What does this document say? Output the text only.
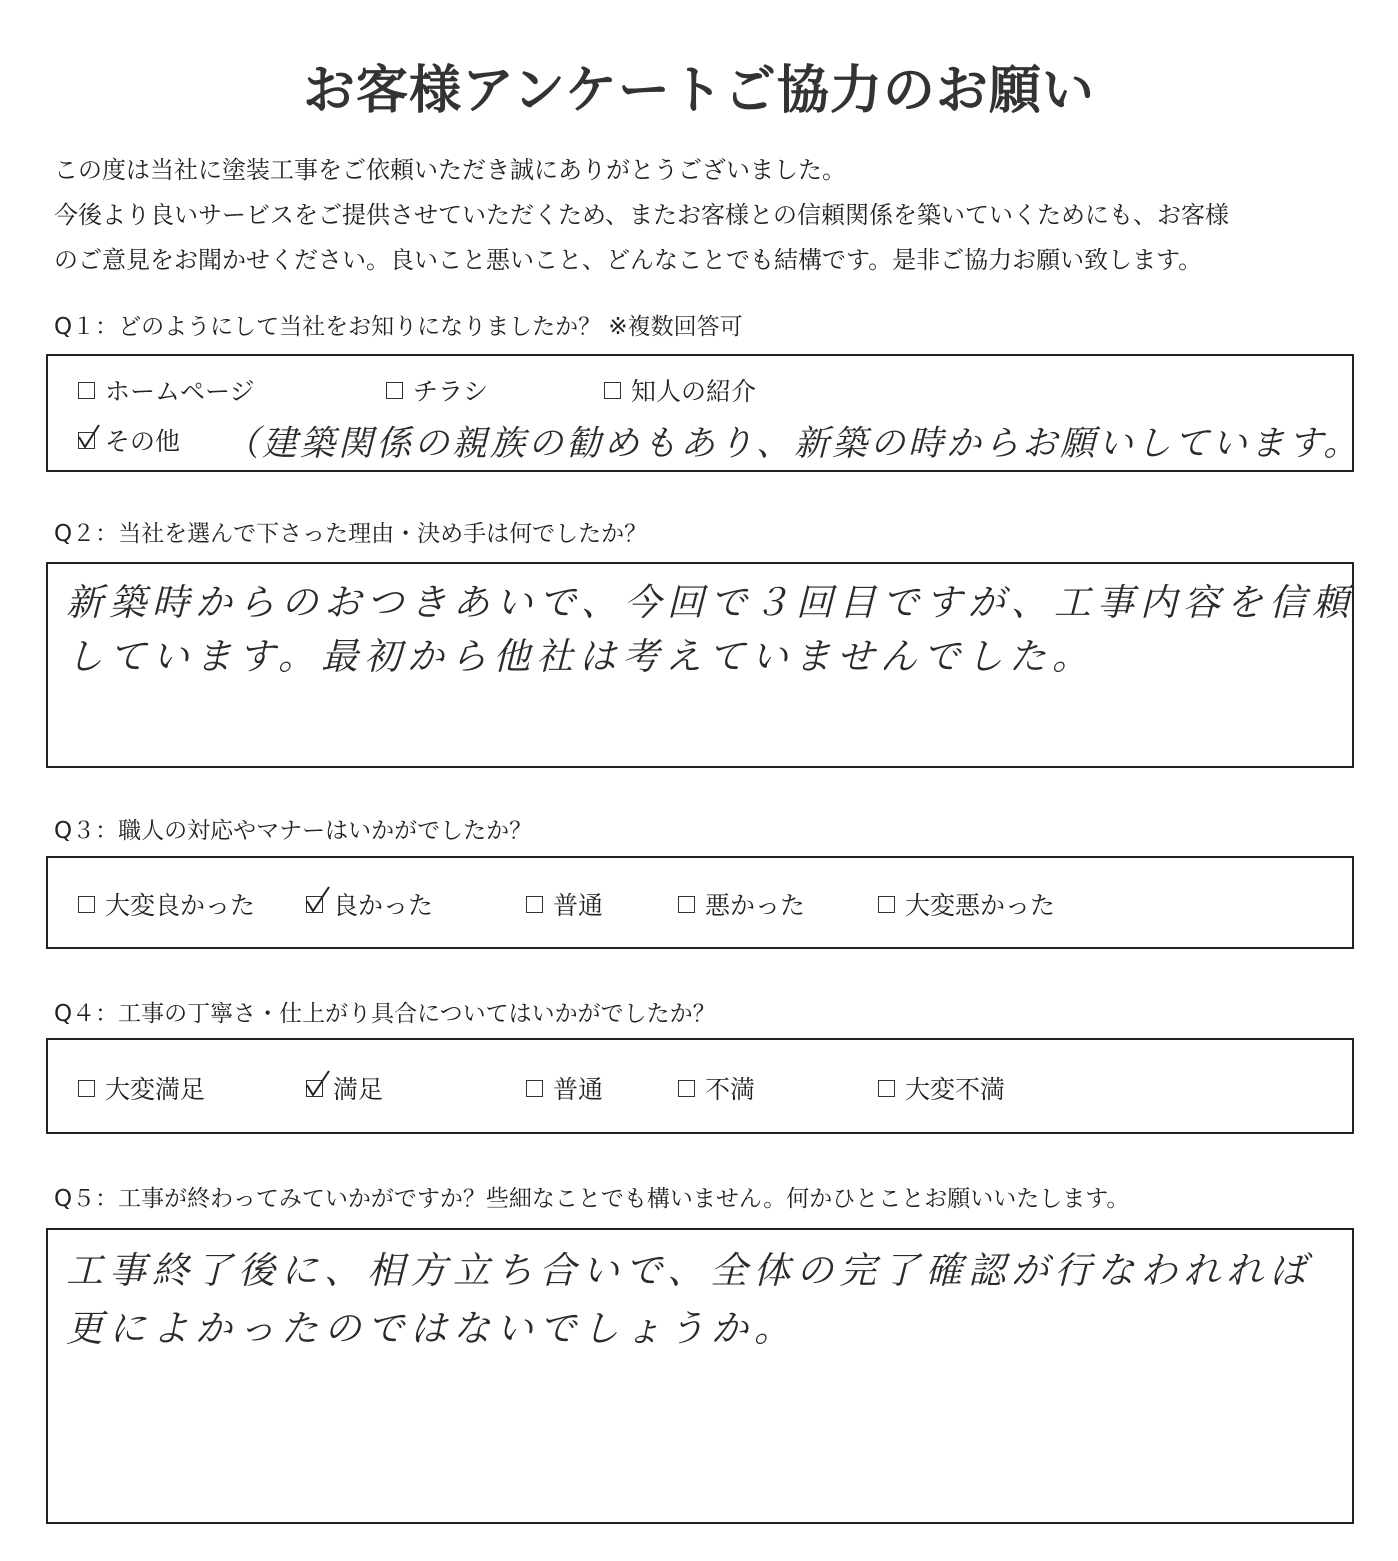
お客様アンケートご協力のお願い
この度は当社に塗装工事をご依頼いただき誠にありがとうございました。
今後より良いサービスをご提供させていただくため、またお客様との信頼関係を築いていくためにも、お客様
のご意見をお聞かせください。良いこと悪いこと、どんなことでも結構です。是非ご協力お願い致します。
Q１：どのようにして当社をお知りになりましたか？ ※複数回答可
ホームページ	チラシ	知人の紹介
その他 （建築関係の親族の勧めもあり、新築の時からお願いしています。
Q２：当社を選んで下さった理由・決め手は何でしたか？
新築時からのおつきあいで、今回で３回目ですが、工事内容を信頼
しています。最初から他社は考えていませんでした。
Q３：職人の対応やマナーはいかがでしたか？
大変良かった	良かった	普通	悪かった	大変悪かった
Q４：工事の丁寧さ・仕上がり具合についてはいかがでしたか？
大変満足	満足	普通	不満	大変不満
Q５：工事が終わってみていかがですか？些細なことでも構いません。何かひとことお願いいたします。
工事終了後に、相方立ち合いで、全体の完了確認が行なわれれば
更によかったのではないでしょうか。
